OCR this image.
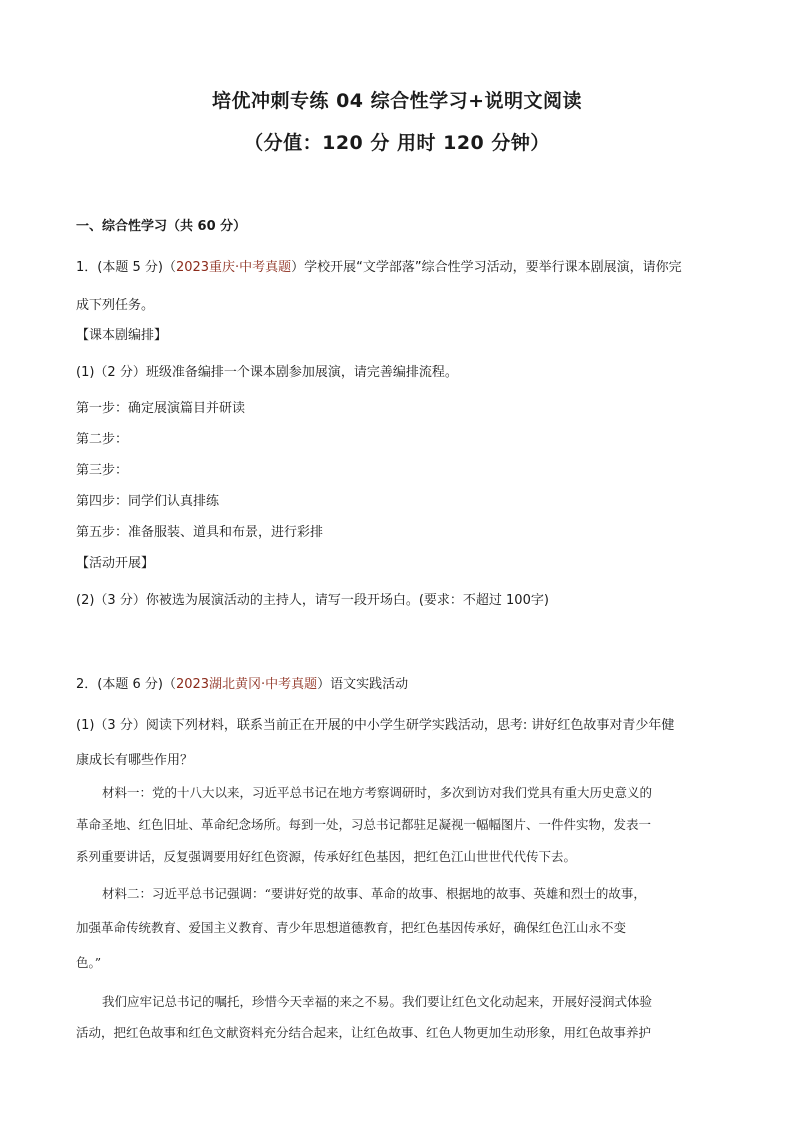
培优冲刺专练 04 综合性学习+说明文阅读
（分值：120 分 用时 120 分钟）
一、综合性学习（共 60 分）
1．(本题 5 分)（2023重庆·中考真题）学校开展“文学部落”综合性学习活动，要举行课本剧展演，请你完
成下列任务。
【课本剧编排】
(1)（2 分）班级准备编排一个课本剧参加展演，请完善编排流程。
第一步：确定展演篇目并研读
第二步：
第三步：
第四步：同学们认真排练
第五步：准备服装、道具和布景，进行彩排
【活动开展】
(2)（3 分）你被选为展演活动的主持人，请写一段开场白。(要求：不超过 100字)
2．(本题 6 分)（2023湖北黄冈·中考真题）语文实践活动
(1)（3 分）阅读下列材料，联系当前正在开展的中小学生研学实践活动，思考: 讲好红色故事对青少年健
康成长有哪些作用？
材料一：党的十八大以来，习近平总书记在地方考察调研时，多次到访对我们党具有重大历史意义的
革命圣地、红色旧址、革命纪念场所。每到一处，习总书记都驻足凝视一幅幅图片、一件件实物，发表一
系列重要讲话，反复强调要用好红色资源，传承好红色基因，把红色江山世世代代传下去。
材料二：习近平总书记强调：“要讲好党的故事、革命的故事、根据地的故事、英雄和烈士的故事，
加强革命传统教育、爱国主义教育、青少年思想道德教育，把红色基因传承好，确保红色江山永不变
色。”
我们应牢记总书记的嘱托，珍惜今天幸福的来之不易。我们要让红色文化动起来，开展好浸润式体验
活动，把红色故事和红色文献资料充分结合起来，让红色故事、红色人物更加生动形象，用红色故事养护
